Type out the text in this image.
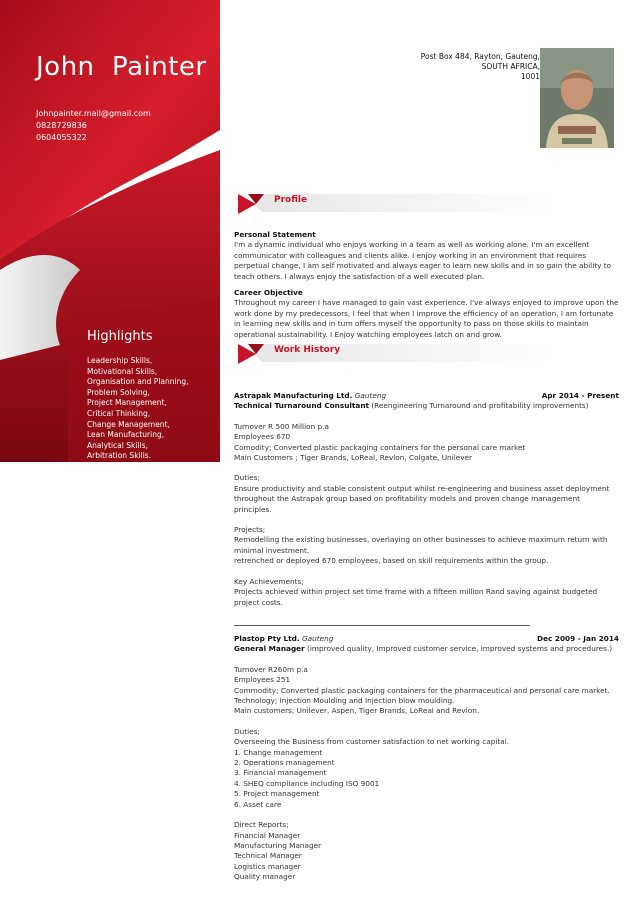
John  Painter
Johnpainter.mail@gmail.com
0828729836
0604055322
Highlights
Leadership Skills,
Motivational Skills,
Organisation and Planning,
Problem Solving,
Project Management,
Critical Thinking,
Change Management,
Lean Manufacturing,
Analytical Skills,
Arbitration Skills.
Post Box 484, Rayton, Gauteng,
SOUTH AFRICA,
1001
Profile

Personal Statement

I'm a dynamic individual who enjoys working in a team as well as working alone. I'm an excellent communicator with colleagues and clients alike. I enjoy working in an environment that requires perpetual change, I am self motivated and always eager to learn new skills and in so gain the ability to teach others. I always enjoy the satisfaction of a well executed plan.

Career Objective

Throughout my career I have managed to gain vast experience. I've always enjoyed to improve upon the work done by my predecessors, I feel that when I improve the efficiency of an operation, I am fortunate in learning new skills and in turn offers myself the opportunity to pass on those skills to maintain operational sustainability. I Enjoy watching employees latch on and grow.

Work History
Astrapak Manufacturing Ltd. Gauteng	Apr 2014 - Present
Technical Turnaround Consultant (Reengineering Turnaround and profitability improvements)

Turnover R 500 Million p.a

Employees 670

Comodity; Converted plastic packaging containers for the personal care market

Main Customers ; Tiger Brands, LoReal, Revlon, Colgate, Unilever

Duties;

Ensure productivity and stable consistent output whilst re-engineering and business asset deployment throughout the Astrapak group based on profitability models and proven change management principles.

Projects;

Remodelling the existing businesses, overlaying on other businesses to achieve maximum return with minimal investment.

retrenched or deployed 670 employees, based on skill requirements within the group.

Key Achievements;

Projects achieved within project set time frame with a fifteen million Rand saving against budgeted project costs.

Plastop Pty Ltd. Gauteng	Dec 2009 - Jan 2014
General Manager (improved quality, Improved customer service, improved systems and procedures.)

Turnover R260m p.a

Employees 251

Commodity; Converted plastic packaging containers for the pharmaceutical and personal care market.

Technology; Injection Moulding and Injection blow moulding.

Main customers; Unilever, Aspen, Tiger Brands, LoReal and Revlon.

Duties;

Overseeing the Business from customer satisfaction to net working capital.

1. Change management

2. Operations management

3. Financial management

4. SHEQ compliance including ISO 9001

5. Project management

6. Asset care

Direct Reports;

Financial Manager

Manufacturing Manager

Technical Manager

Logistics manager

Quality manager
